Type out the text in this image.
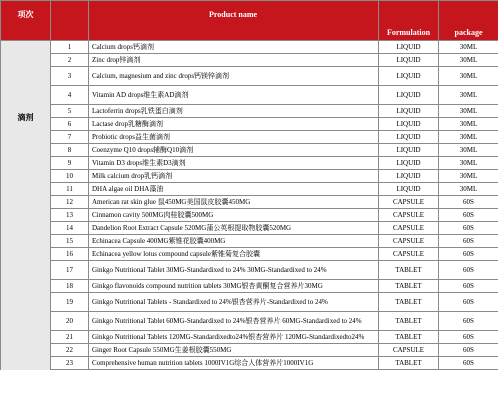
项次		Product name	Formulation	package
滴剂	1	Calcium drops钙滴剂	LIQUID	30ML
	2	Zinc drop锌滴剂	LIQUID	30ML
	3	Calcium, magnesium and zinc drops钙镁锌滴剂	LIQUID	30ML
	4	Vitamin AD drops维生素AD滴剂	LIQUID	30ML
	5	Lactoferrin drops乳铁蛋白滴剂	LIQUID	30ML
	6	Lactase drop乳糖酶滴剂	LIQUID	30ML
	7	Probiotic drops益生菌滴剂	LIQUID	30ML
	8	Coenzyme Q10 drops辅酶Q10滴剂	LIQUID	30ML
	9	Vitamin D3 drops维生素D3滴剂	LIQUID	30ML
	10	Milk calcium drop乳钙滴剂	LIQUID	30ML
	11	DHA algae oil DHA藻油	LIQUID	30ML
	12	American rat skin glue 鼠450MG美国鼠皮胶囊450MG	CAPSULE	60S
	13	Cinnamon cavity 500MG肉桂胶囊500MG	CAPSULE	60S
	14	Dandelion Root Extract Capsule 520MG蒲公英根提取物胶囊520MG	CAPSULE	60S
	15	Echinacea Capsule 400MG紫锥花胶囊400MG	CAPSULE	60S
	16	Echinacea yellow lotus compound capsule紫锥菊复合胶囊	CAPSULE	60S
	17	Ginkgo Nutritional Tablet 30MG-Standardixed to 24% 30MG-Standardixed to 24%	TABLET	60S
	18	Ginkgo flavonoids compound nutrition tablets 30MG银杏黄酮复合营养片30MG	TABLET	60S
	19	Ginkgo Nutritional Tablets - Standardixed to 24%银杏营养片-Standardixed to 24%	TABLET	60S
	20	Ginkgo Nutritional Tablet 60MG-Standardixed to 24%银杏营养片 60MG-Standardixed to 24%	TABLET	60S
	21	Ginkgo Nutritional Tablets 120MG-Standardixedto24%银杏营养片 120MG-Standardixedto24%	TABLET	60S
	22	Ginger Root Capsule 550MG生姜根胶囊550MG	CAPSULE	60S
	23	Comprehensive human nutrition tablets 1000IV1G综合人体营养片1000IV1G	TABLET	60S
